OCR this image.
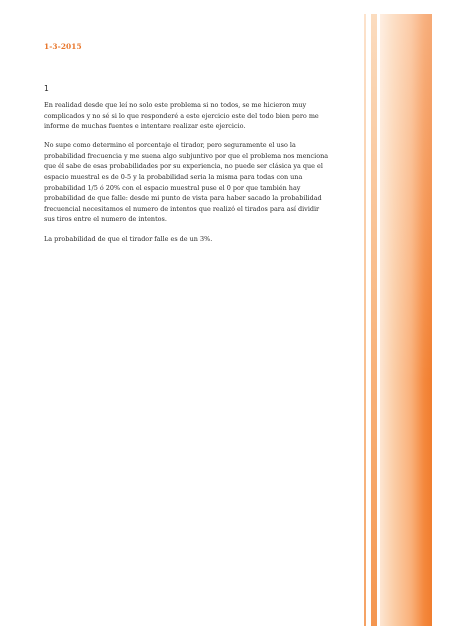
1-3-2015
1

En realidad desde que leí no solo este problema si no todos, se me hicieron muy
complicados y no sé si lo que responderé a este ejercicio este del todo bien pero me
informe de muchas fuentes e intentare realizar este ejercicio.

No supe como determino el porcentaje el tirador, pero seguramente el uso la
probabilidad frecuencia y me suena algo subjuntivo por que el problema nos menciona
que él sabe de esas probabilidades por su experiencia, no puede ser clásica ya que el
espacio muestral es de 0-5 y la probabilidad seria la misma para todas con una
probabilidad 1/5 ó 20% con el espacio muestral puse el 0 por que también hay
probabilidad de que falle: desde mi punto de vista para haber sacado la probabilidad
frecuencial necesitamos el numero de intentos que realizó el tirados para así dividir
sus tiros entre el numero de intentos.

La probabilidad de que el tirador falle es de un 3%.
